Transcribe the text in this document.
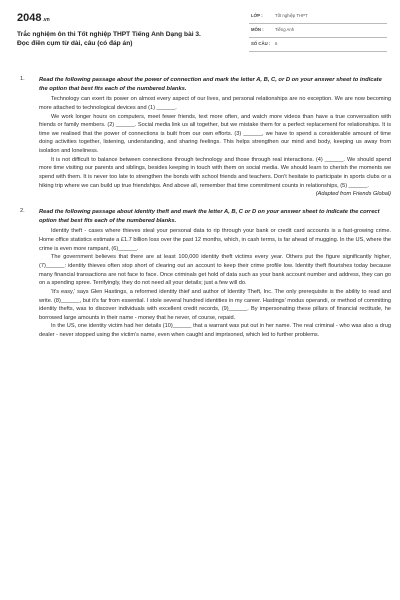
2048.vn
Trắc nghiệm ôn thi Tốt nghiệp THPT Tiếng Anh Dạng bài 3.
Đọc điền cụm từ dài, câu (có đáp án)
LỚP :	Tốt nghiệp THPT
MÔN :	Tiếng Anh
SỐ CÂU : 6
1. Read the following passage about the power of connection and mark the letter A, B, C, or D on your answer sheet to indicate the option that best fits each of the numbered blanks.

Technology can exert its power on almost every aspect of our lives, and personal relationships are no exception. We are now becoming more attached to technological devices and (1) ______.

We work longer hours on computers, meet fewer friends, text more often, and watch more videos than have a true conversation with friends or family members. (2) ______. Social media link us all together, but we mistake them for a perfect replacement for relationships. It is time we realised that the power of connections is built from our own efforts. (3) ______, we have to spend a considerable amount of time doing activities together, listening, understanding, and sharing feelings. This helps strengthen our mind and body, keeping us away from isolation and loneliness.

It is not difficult to balance between connections through technology and those through real interactions. (4) ______. We should spend more time visiting our parents and siblings, besides keeping in touch with them on social media. We should learn to cherish the moments we spend with them. It is never too late to strengthen the bonds with school friends and teachers. Don't hesitate to participate in sports clubs or a hiking trip where we can build up true friendships. And above all, remember that time commitment counts in relationships, (5) ______.

(Adapted from Friends Global)

2. Read the following passage about identity theft and mark the letter A, B, C or D on your answer sheet to indicate the correct option that best fits each of the numbered blanks.

Identity theft - cases where thieves steal your personal data to rip through your bank or credit card accounts is a fast-growing crime. Home office statistics estimate a £1.7 billion loss over the past 12 months, which, in cash terms, is far ahead of mugging. In the US, where the crime is even more rampant, (6)______.

The government believes that there are at least 100,000 identity theft victims every year. Others put the figure significantly higher, (7)______: identity thieves often stop short of clearing out an account to keep their crime profile low. Identity theft flourishes today because many financial transactions are not face to face. Once criminals get hold of data such as your bank account number and address, they can go on a spending spree. Terrifyingly, they do not need all your details; just a few will do.

'It's easy,' says Glen Hastings, a reformed identity thief and author of Identity Theft, Inc. The only prerequisite is the ability to read and write. (8)______, but it's far from essential. I stole several hundred identities in my career. Hastings' modus operandi, or method of committing identity thefts, was to discover individuals with excellent credit records, (9)______. By impersonating these pillars of financial rectitude, he borrowed large amounts in their name - money that he never, of course, repaid.

In the US, one identity victim had her details (10)______ that a warrant was put out in her name. The real criminal - who was also a drug dealer - never stopped using the victim's name, even when caught and imprisoned, which led to further problems.
